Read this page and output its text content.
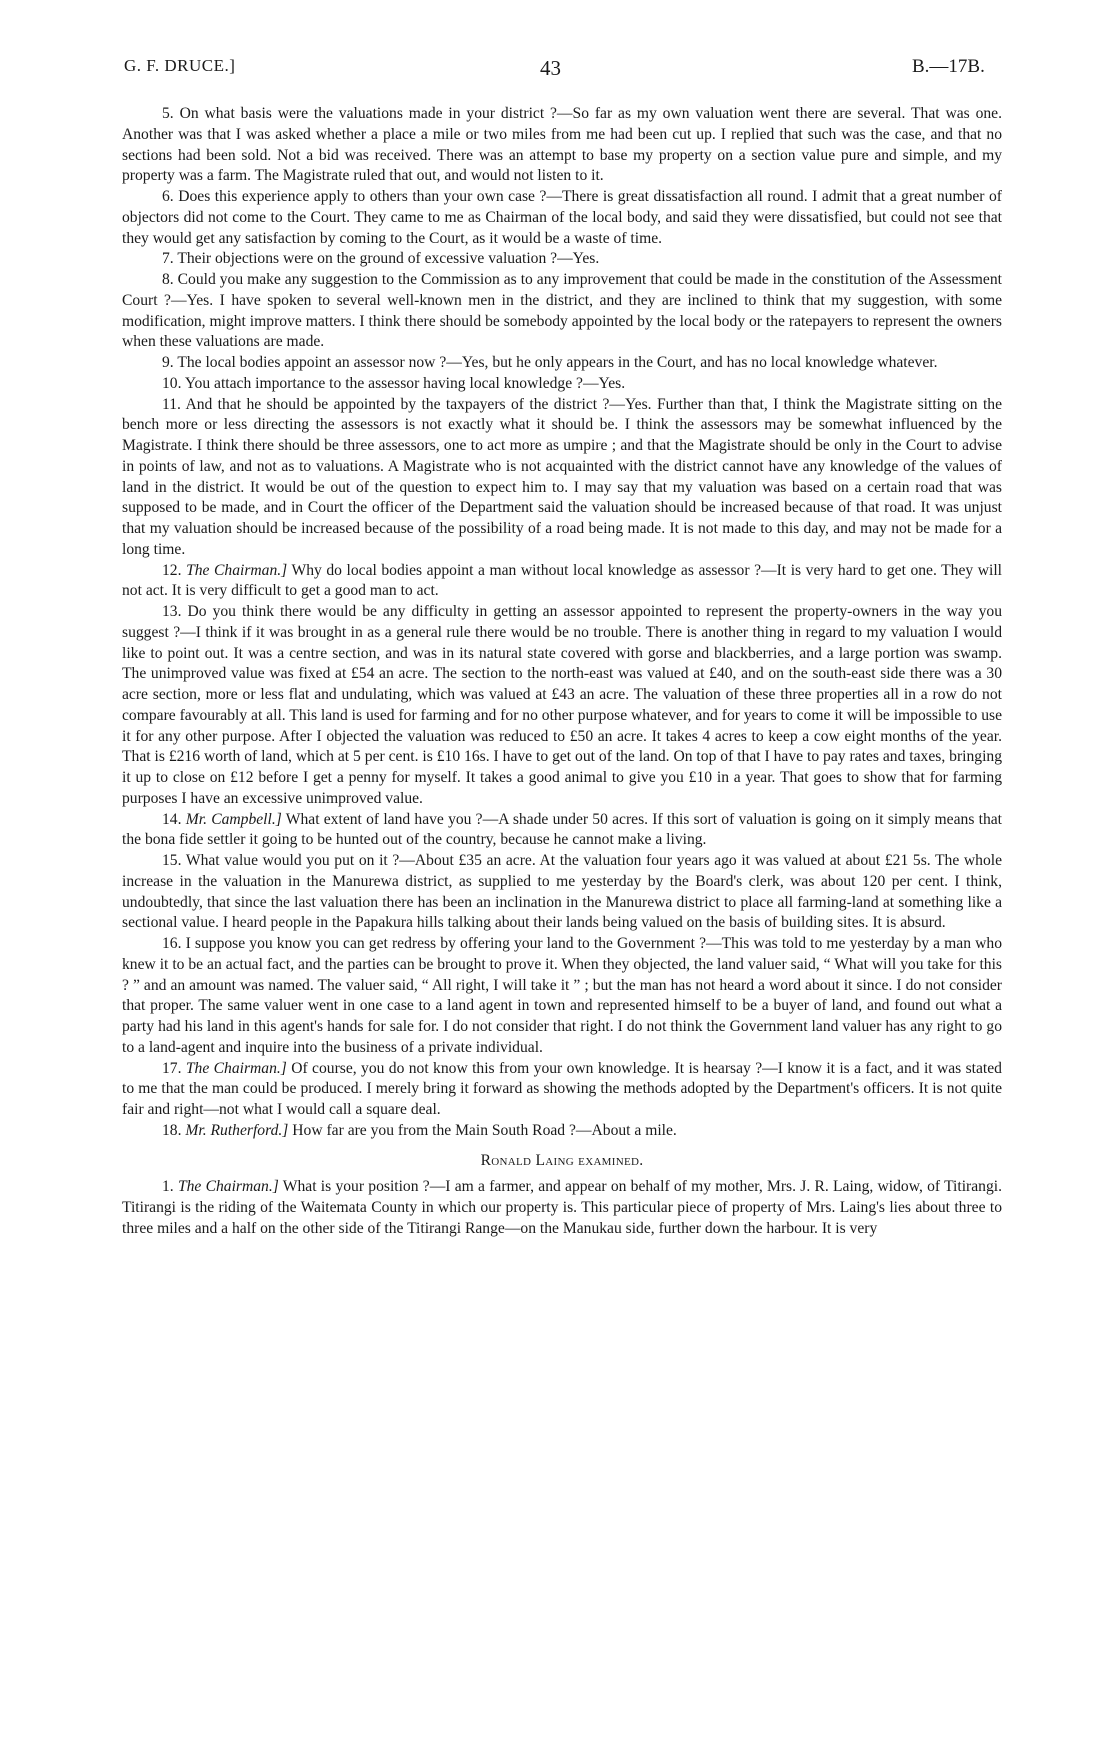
G. F. DRUCE.]	43	B.—17B.

5. On what basis were the valuations made in your district ?—So far as my own valuation went there are several. That was one. Another was that I was asked whether a place a mile or two miles from me had been cut up. I replied that such was the case, and that no sections had been sold. Not a bid was received. There was an attempt to base my property on a section value pure and simple, and my property was a farm. The Magistrate ruled that out, and would not listen to it.

6. Does this experience apply to others than your own case ?—There is great dissatisfaction all round. I admit that a great number of objectors did not come to the Court. They came to me as Chairman of the local body, and said they were dissatisfied, but could not see that they would get any satisfaction by coming to the Court, as it would be a waste of time.

7. Their objections were on the ground of excessive valuation ?—Yes.

8. Could you make any suggestion to the Commission as to any improvement that could be made in the constitution of the Assessment Court ?—Yes. I have spoken to several well-known men in the district, and they are inclined to think that my suggestion, with some modification, might improve matters. I think there should be somebody appointed by the local body or the ratepayers to represent the owners when these valuations are made.

9. The local bodies appoint an assessor now ?—Yes, but he only appears in the Court, and has no local knowledge whatever.

10. You attach importance to the assessor having local knowledge ?—Yes.

11. And that he should be appointed by the taxpayers of the district ?—Yes. Further than that, I think the Magistrate sitting on the bench more or less directing the assessors is not exactly what it should be. I think the assessors may be somewhat influenced by the Magistrate. I think there should be three assessors, one to act more as umpire ; and that the Magistrate should be only in the Court to advise in points of law, and not as to valuations. A Magistrate who is not acquainted with the district cannot have any knowledge of the values of land in the district. It would be out of the question to expect him to. I may say that my valuation was based on a certain road that was supposed to be made, and in Court the officer of the Department said the valuation should be increased because of that road. It was unjust that my valuation should be increased because of the possibility of a road being made. It is not made to this day, and may not be made for a long time.

12. The Chairman.] Why do local bodies appoint a man without local knowledge as assessor ?—It is very hard to get one. They will not act. It is very difficult to get a good man to act.

13. Do you think there would be any difficulty in getting an assessor appointed to represent the property-owners in the way you suggest ?—I think if it was brought in as a general rule there would be no trouble. There is another thing in regard to my valuation I would like to point out. It was a centre section, and was in its natural state covered with gorse and blackberries, and a large portion was swamp. The unimproved value was fixed at £54 an acre. The section to the north-east was valued at £40, and on the south-east side there was a 30 acre section, more or less flat and undulating, which was valued at £43 an acre. The valuation of these three properties all in a row do not compare favourably at all. This land is used for farming and for no other purpose whatever, and for years to come it will be impossible to use it for any other purpose. After I objected the valuation was reduced to £50 an acre. It takes 4 acres to keep a cow eight months of the year. That is £216 worth of land, which at 5 per cent. is £10 16s. I have to get out of the land. On top of that I have to pay rates and taxes, bringing it up to close on £12 before I get a penny for myself. It takes a good animal to give you £10 in a year. That goes to show that for farming purposes I have an excessive unimproved value.

14. Mr. Campbell.] What extent of land have you ?—A shade under 50 acres. If this sort of valuation is going on it simply means that the bona fide settler it going to be hunted out of the country, because he cannot make a living.

15. What value would you put on it ?—About £35 an acre. At the valuation four years ago it was valued at about £21 5s. The whole increase in the valuation in the Manurewa district, as supplied to me yesterday by the Board's clerk, was about 120 per cent. I think, undoubtedly, that since the last valuation there has been an inclination in the Manurewa district to place all farming-land at something like a sectional value. I heard people in the Papakura hills talking about their lands being valued on the basis of building sites. It is absurd.

16. I suppose you know you can get redress by offering your land to the Government ?—This was told to me yesterday by a man who knew it to be an actual fact, and the parties can be brought to prove it. When they objected, the land valuer said, “ What will you take for this ? ” and an amount was named. The valuer said, “ All right, I will take it ” ; but the man has not heard a word about it since. I do not consider that proper. The same valuer went in one case to a land agent in town and represented himself to be a buyer of land, and found out what a party had his land in this agent's hands for sale for. I do not consider that right. I do not think the Government land valuer has any right to go to a land-agent and inquire into the business of a private individual.

17. The Chairman.] Of course, you do not know this from your own knowledge. It is hearsay ?—I know it is a fact, and it was stated to me that the man could be produced. I merely bring it forward as showing the methods adopted by the Department's officers. It is not quite fair and right—not what I would call a square deal.

18. Mr. Rutherford.] How far are you from the Main South Road ?—About a mile.

Ronald Laing examined.

1. The Chairman.] What is your position ?—I am a farmer, and appear on behalf of my mother, Mrs. J. R. Laing, widow, of Titirangi. Titirangi is the riding of the Waitemata County in which our property is. This particular piece of property of Mrs. Laing's lies about three to three miles and a half on the other side of the Titirangi Range—on the Manukau side, further down the harbour. It is very
